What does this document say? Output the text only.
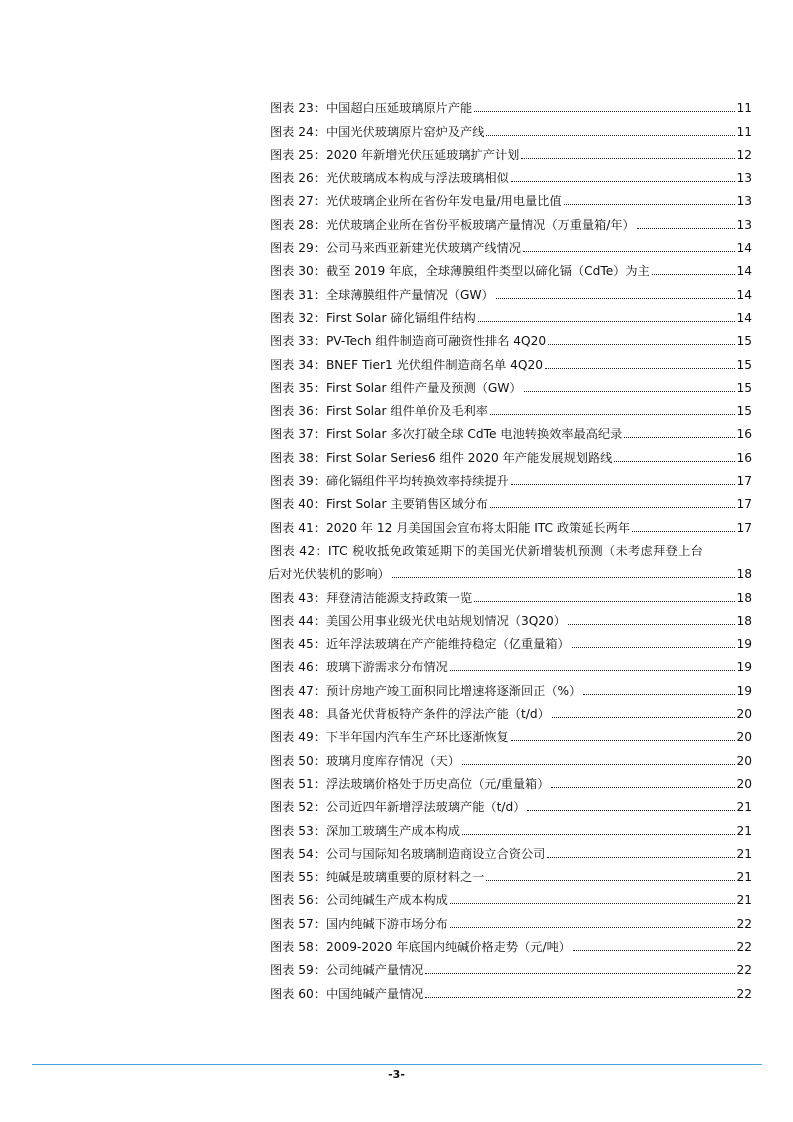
图表 23：中国超白压延玻璃原片产能	11
图表 24：中国光伏玻璃原片窑炉及产线	11
图表 25：2020 年新增光伏压延玻璃扩产计划	12
图表 26：光伏玻璃成本构成与浮法玻璃相似	13
图表 27：光伏玻璃企业所在省份年发电量/用电量比值	13
图表 28：光伏玻璃企业所在省份平板玻璃产量情况（万重量箱/年）	13
图表 29：公司马来西亚新建光伏玻璃产线情况	14
图表 30：截至 2019 年底，全球薄膜组件类型以碲化镉（CdTe）为主	14
图表 31：全球薄膜组件产量情况（GW）	14
图表 32：First Solar 碲化镉组件结构	14
图表 33：PV-Tech 组件制造商可融资性排名 4Q20	15
图表 34：BNEF Tier1 光伏组件制造商名单 4Q20	15
图表 35：First Solar 组件产量及预测（GW）	15
图表 36：First Solar 组件单价及毛利率	15
图表 37：First Solar 多次打破全球 CdTe 电池转换效率最高纪录	16
图表 38：First Solar Series6 组件 2020 年产能发展规划路线	16
图表 39：碲化镉组件平均转换效率持续提升	17
图表 40：First Solar 主要销售区域分布	17
图表 41：2020 年 12 月美国国会宣布将太阳能 ITC 政策延长两年	17
图表 42：ITC 税收抵免政策延期下的美国光伏新增装机预测（未考虑拜登上台
后对光伏装机的影响）	18
图表 43：拜登清洁能源支持政策一览	18
图表 44：美国公用事业级光伏电站规划情况（3Q20）	18
图表 45：近年浮法玻璃在产产能维持稳定（亿重量箱）	19
图表 46：玻璃下游需求分布情况	19
图表 47：预计房地产竣工面积同比增速将逐渐回正（%）	19
图表 48：具备光伏背板特产条件的浮法产能（t/d）	20
图表 49：下半年国内汽车生产环比逐渐恢复	20
图表 50：玻璃月度库存情况（天）	20
图表 51：浮法玻璃价格处于历史高位（元/重量箱）	20
图表 52：公司近四年新增浮法玻璃产能（t/d）	21
图表 53：深加工玻璃生产成本构成	21
图表 54：公司与国际知名玻璃制造商设立合资公司	21
图表 55：纯碱是玻璃重要的原材料之一	21
图表 56：公司纯碱生产成本构成	21
图表 57：国内纯碱下游市场分布	22
图表 58：2009-2020 年底国内纯碱价格走势（元/吨）	22
图表 59：公司纯碱产量情况	22
图表 60：中国纯碱产量情况	22
-3-
